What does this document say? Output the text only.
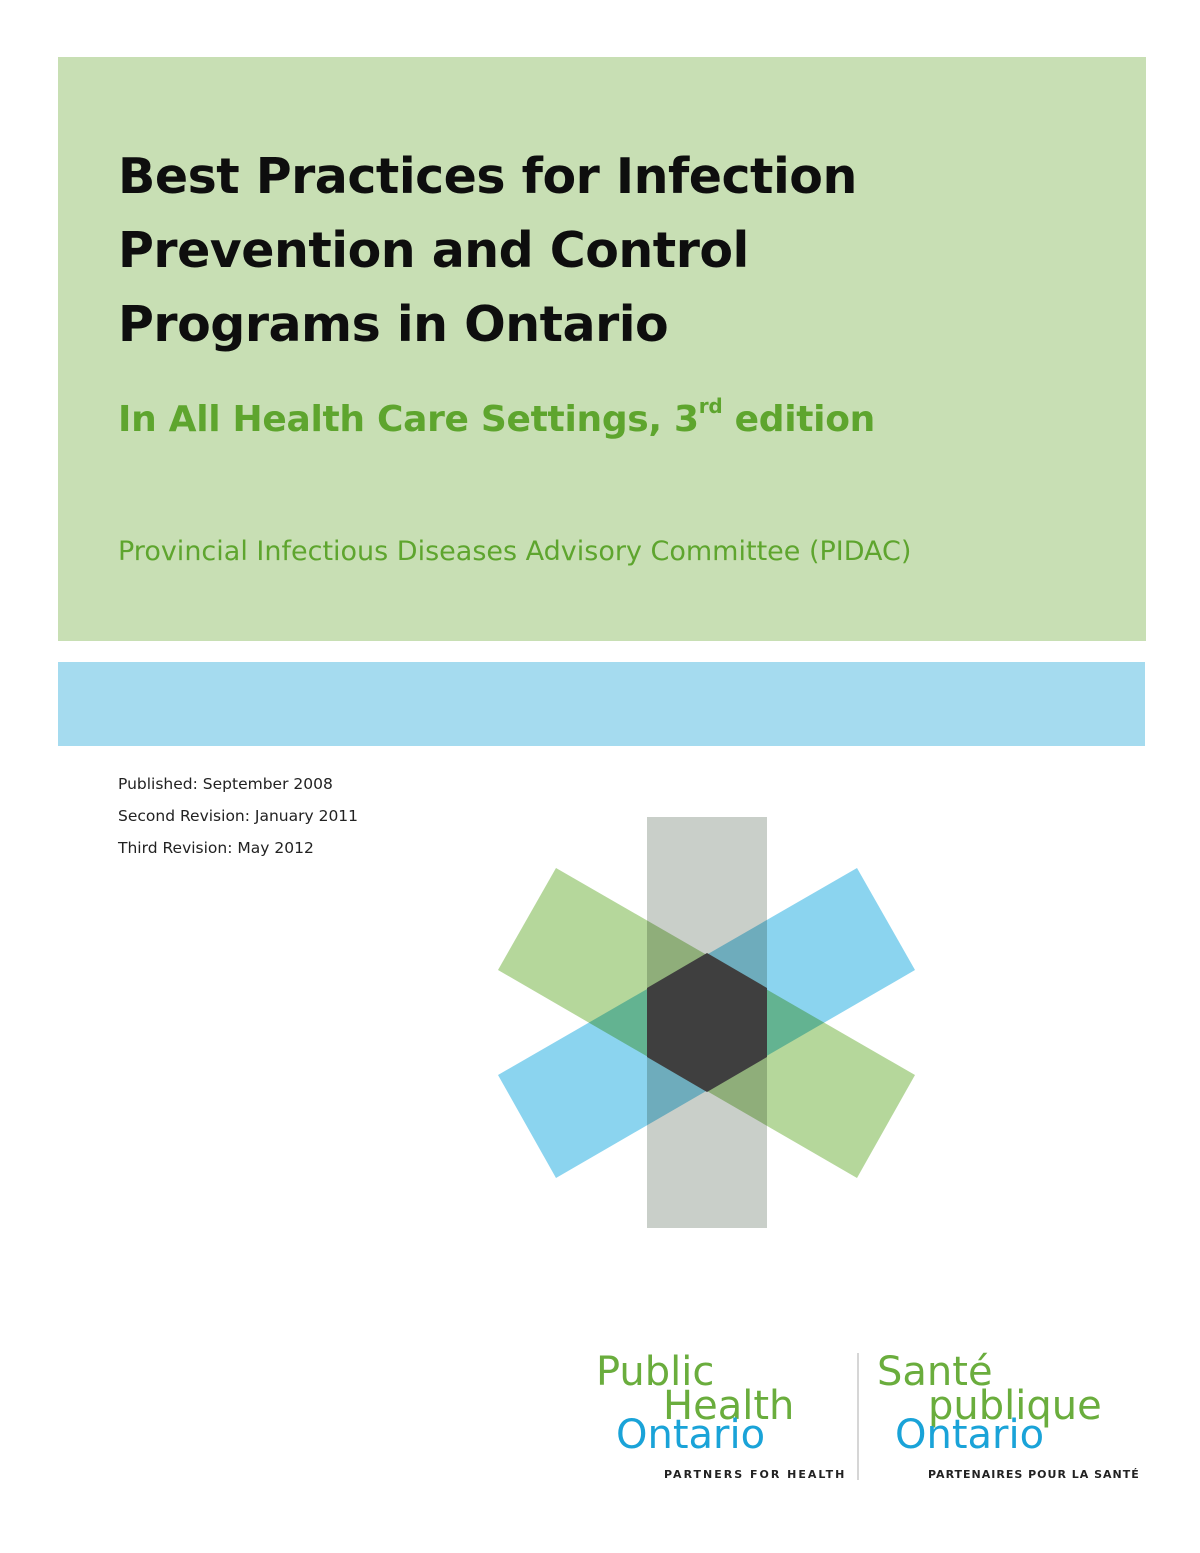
Best Practices for Infection
Prevention and Control
Programs in Ontario
In All Health Care Settings, 3rd edition

Provincial Infectious Diseases Advisory Committee (PIDAC)

Published: September 2008
Second Revision: January 2011
Third Revision: May 2012
Public
Health
Ontario
Santé
publique
Ontario
PARTNERS FOR HEALTH	PARTENAIRES POUR LA SANTÉ
